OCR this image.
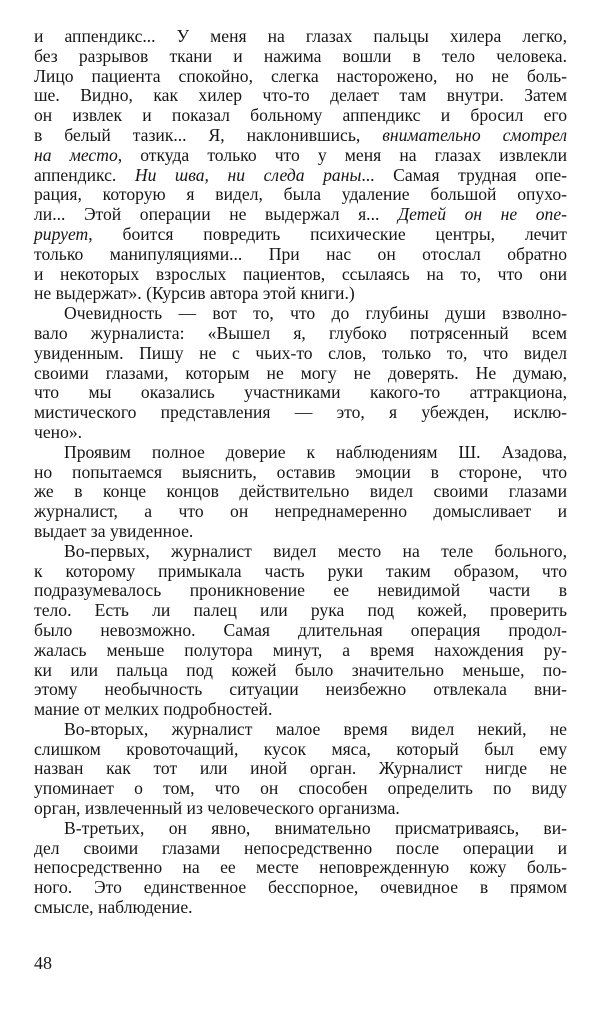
и аппендикс... У меня на глазах пальцы хилера легко,
без разрывов ткани и нажима вошли в тело человека.
Лицо пациента спокойно, слегка настороженo, но не боль-
ше. Видно, как хилер что-то делает там внутри. Затем
он извлек и показал больному аппендикс и бросил его
в белый тазик... Я, наклонившись, внимательно смотрел
на место, откуда только что у меня на глазах извлекли
аппендикс. Ни шва, ни следа раны... Самая трудная опе-
рация, которую я видел, была удаление большой опухо-
ли... Этой операции не выдержал я... Детей он не опе-
рирует, боится повредить психические центры, лечит
только манипуляциями... При нас он отослал обратно
и некоторых взрослых пациентов, ссылаясь на то, что они
не выдержат». (Курсив автора этой книги.)
Очевидность — вот то, что до глубины души взволно-
вало журналиста: «Вышел я, глубоко потрясенный всем
увиденным. Пишу не с чьих-то слов, только то, что видел
своими глазами, которым не могу не доверять. Не думаю,
что мы оказались участниками какого-то аттракциона,
мистического представления — это, я убежден, исклю-
чено».
Проявим полное доверие к наблюдениям Ш. Азадова,
но попытаемся выяснить, оставив эмоции в стороне, что
же в конце концов действительно видел своими глазами
журналист, а что он непреднамеренно домысливает и
выдает за увиденное.
Во-первых, журналист видел место на теле больного,
к которому примыкала часть руки таким образом, что
подразумевалось проникновение ее невидимой части в
тело. Есть ли палец или рука под кожей, проверить
было невозможно. Самая длительная операция продол-
жалась меньше полутора минут, а время нахождения ру-
ки или пальца под кожей было значительно меньше, по-
этому необычность ситуации неизбежно отвлекала вни-
мание от мелких подробностей.
Во-вторых, журналист малое время видел некий, не
слишком кровоточащий, кусок мяса, который был ему
назван как тот или иной орган. Журналист нигде не
упоминает о том, что он способен определить по виду
орган, извлеченный из человеческого организма.
В-третьих, он явно, внимательно присматриваясь, ви-
дел своими глазами непосредственно после операции и
непосредственно на ее месте неповрежденную кожу боль-
ного. Это единственное бесспорное, очевидное в прямом
смысле, наблюдение.
48
